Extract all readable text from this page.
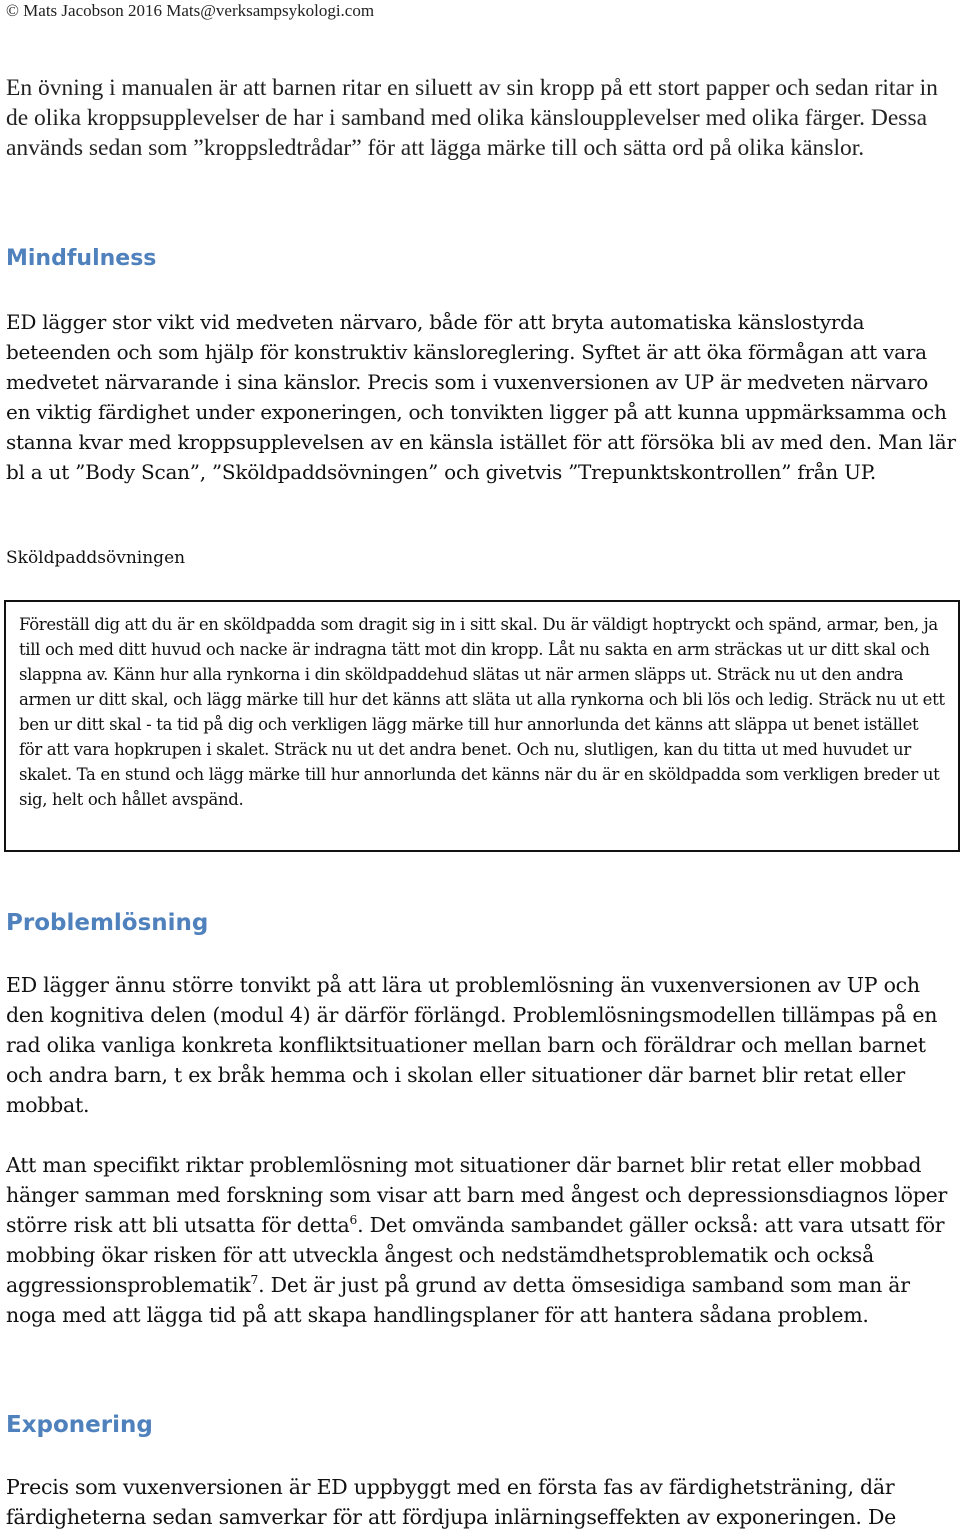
© Mats Jacobson 2016 Mats@verksampsykologi.com

En övning i manualen är att barnen ritar en siluett av sin kropp på ett stort papper och sedan ritar in de olika kroppsupplevelser de har i samband med olika känsloupplevelser med olika färger. Dessa används sedan som ”kroppsledtrådar” för att lägga märke till och sätta ord på olika känslor.

Mindfulness

ED lägger stor vikt vid medveten närvaro, både för att bryta automatiska känslostyrda beteenden och som hjälp för konstruktiv känsloreglering. Syftet är att öka förmågan att vara medvetet närvarande i sina känslor. Precis som i vuxenversionen av UP är medveten närvaro en viktig färdighet under exponeringen, och tonvikten ligger på att kunna uppmärksamma och stanna kvar med kroppsupplevelsen av en känsla istället för att försöka bli av med den. Man lär bl a ut ”Body Scan”, ”Sköldpaddsövningen” och givetvis ”Trepunktskontrollen” från UP.

Sköldpaddsövningen

Föreställ dig att du är en sköldpadda som dragit sig in i sitt skal. Du är väldigt hoptryckt och spänd, armar, ben, ja till och med ditt huvud och nacke är indragna tätt mot din kropp. Låt nu sakta en arm sträckas ut ur ditt skal och slappna av. Känn hur alla rynkorna i din sköldpaddehud slätas ut när armen släpps ut. Sträck nu ut den andra armen ur ditt skal, och lägg märke till hur det känns att släta ut alla rynkorna och bli lös och ledig. Sträck nu ut ett ben ur ditt skal - ta tid på dig och verkligen lägg märke till hur annorlunda det känns att släppa ut benet istället för att vara hopkrupen i skalet. Sträck nu ut det andra benet. Och nu, slutligen, kan du titta ut med huvudet ur skalet. Ta en stund och lägg märke till hur annorlunda det känns när du är en sköldpadda som verkligen breder ut sig, helt och hållet avspänd.

Problemlösning

ED lägger ännu större tonvikt på att lära ut problemlösning än vuxenversionen av UP och den kognitiva delen (modul 4) är därför förlängd. Problemlösningsmodellen tillämpas på en rad olika vanliga konkreta konfliktsituationer mellan barn och föräldrar och mellan barnet och andra barn, t ex bråk hemma och i skolan eller situationer där barnet blir retat eller mobbat.

Att man specifikt riktar problemlösning mot situationer där barnet blir retat eller mobbad hänger samman med forskning som visar att barn med ångest och depressionsdiagnos löper större risk att bli utsatta för detta$^6$. Det omvända sambandet gäller också: att vara utsatt för mobbing ökar risken för att utveckla ångest och nedstämdhetsproblematik och också aggressionsproblematik$^7$. Det är just på grund av detta ömsesidiga samband som man är noga med att lägga tid på att skapa handlingsplaner för att hantera sådana problem.

Exponering

Precis som vuxenversionen är ED uppbyggt med en första fas av färdighetsträning, där färdigheterna sedan samverkar för att fördjupa inlärningseffekten av exponeringen. De
